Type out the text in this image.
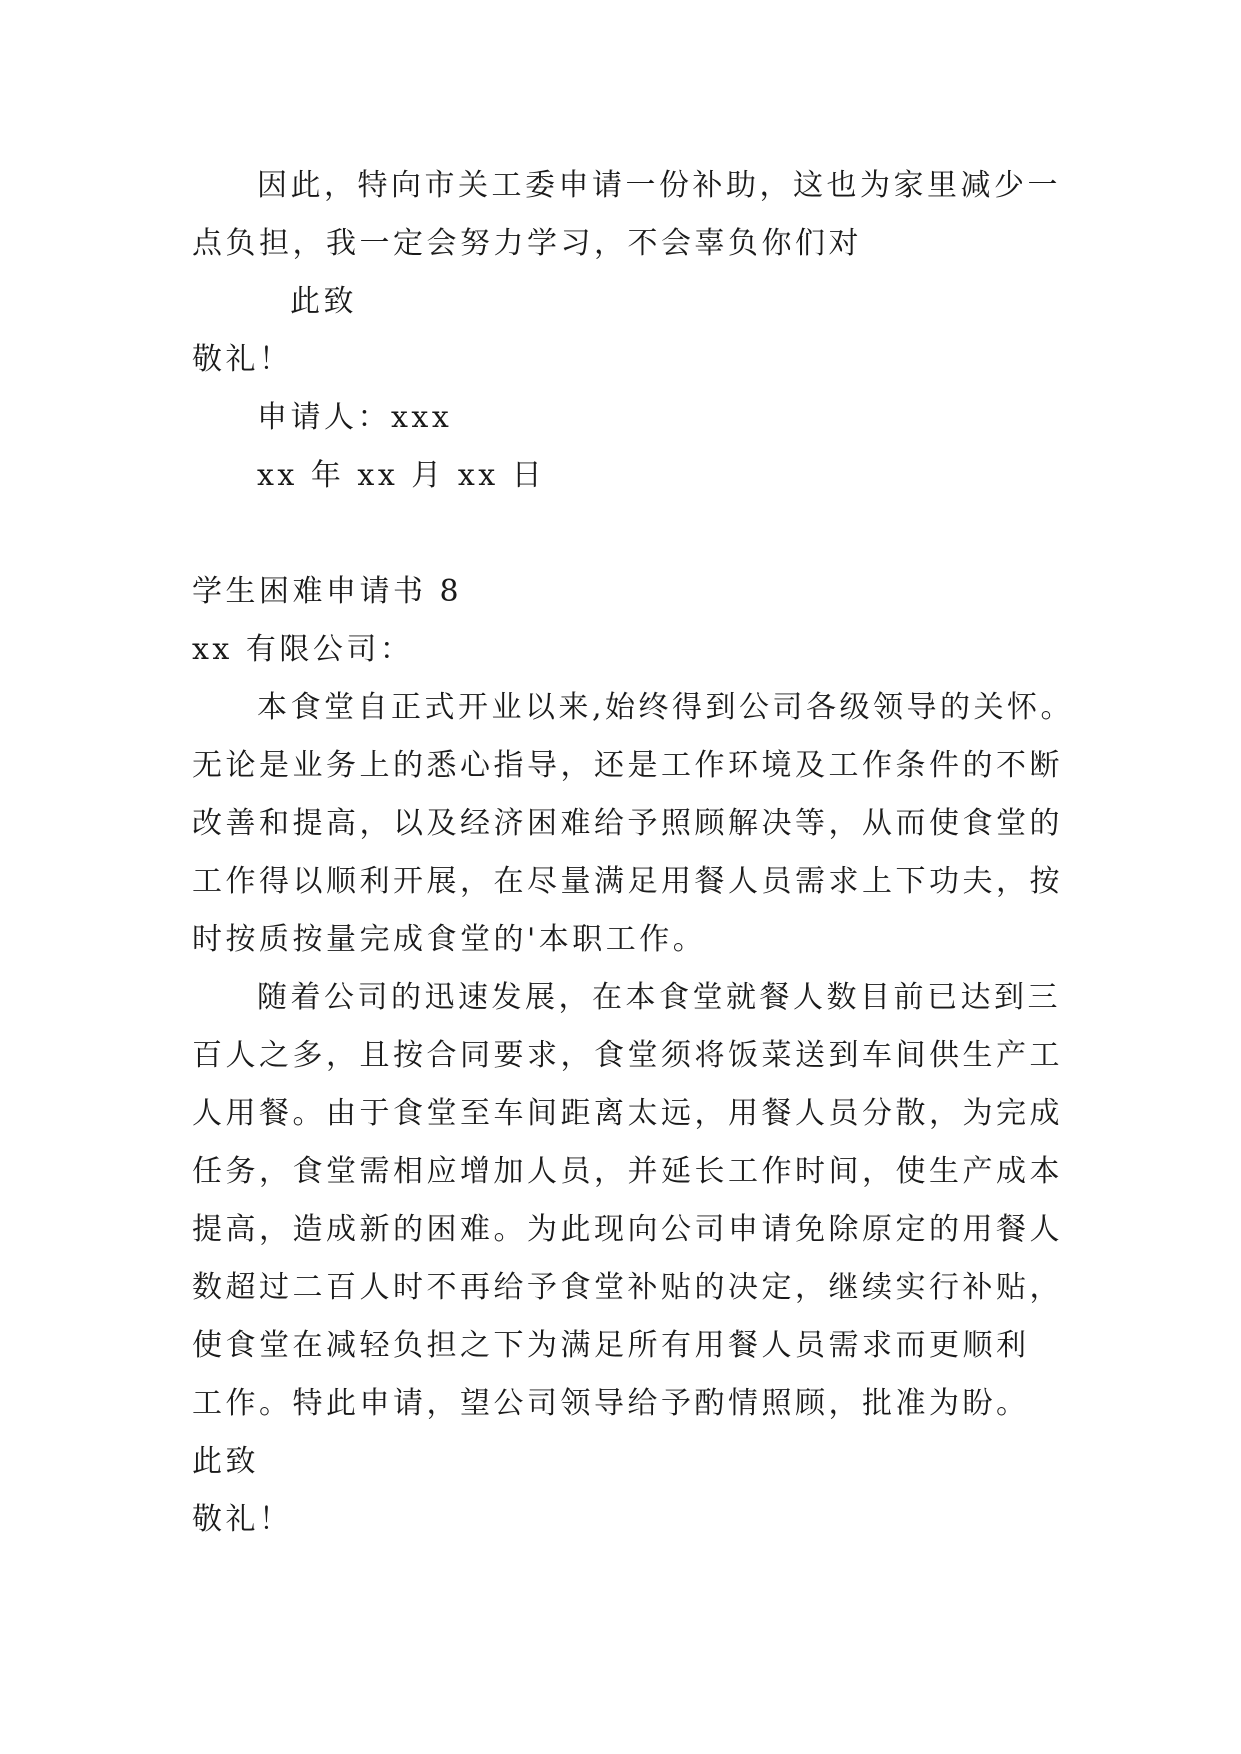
因此，特向市关工委申请一份补助，这也为家里减少一
点负担，我一定会努力学习，不会辜负你们对
此致
敬礼！
申请人：xxx
xx 年 xx 月 xx 日
学生困难申请书 8
xx 有限公司：
本食堂自正式开业以来,始终得到公司各级领导的关怀。
无论是业务上的悉心指导，还是工作环境及工作条件的不断
改善和提高，以及经济困难给予照顾解决等，从而使食堂的
工作得以顺利开展，在尽量满足用餐人员需求上下功夫，按
时按质按量完成食堂的'本职工作。
随着公司的迅速发展，在本食堂就餐人数目前已达到三
百人之多，且按合同要求，食堂须将饭菜送到车间供生产工
人用餐。由于食堂至车间距离太远，用餐人员分散，为完成
任务，食堂需相应增加人员，并延长工作时间，使生产成本
提高，造成新的困难。为此现向公司申请免除原定的用餐人
数超过二百人时不再给予食堂补贴的决定，继续实行补贴，
使食堂在减轻负担之下为满足所有用餐人员需求而更顺利
工作。特此申请，望公司领导给予酌情照顾，批准为盼。
此致
敬礼！
